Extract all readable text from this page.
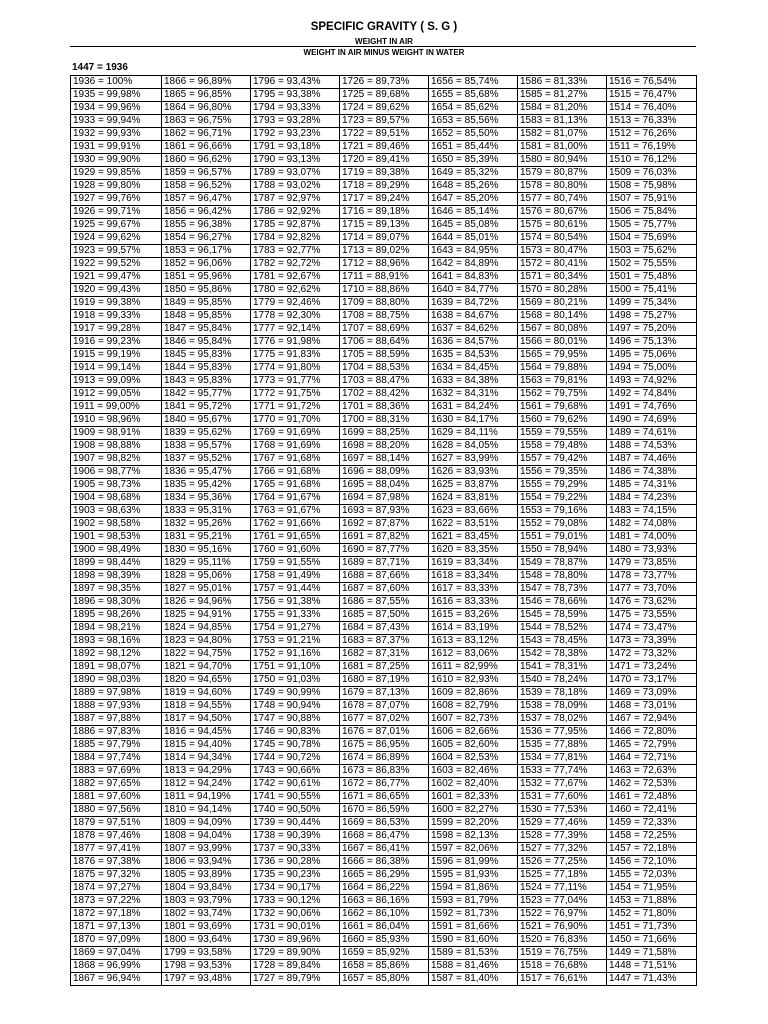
SPECIFIC GRAVITY ( S. G )
WEIGHT IN AIR
WEIGHT IN AIR MINUS WEIGHT IN WATER
1447 = 1936
1936 = 100%	1866 = 96,89%	1796 = 93,43%	1726 = 89,73%	1656 = 85,74%	1586 = 81,33%	1516 = 76,54%
1935 = 99,98%	1865 = 96,85%	1795 = 93,38%	1725 = 89,68%	1655 = 85,68%	1585 = 81,27%	1515 = 76,47%
1934 = 99,96%	1864 = 96,80%	1794 = 93,33%	1724 = 89,62%	1654 = 85,62%	1584 = 81,20%	1514 = 76,40%
1933 = 99,94%	1863 = 96,75%	1793 = 93,28%	1723 = 89,57%	1653 = 85,56%	1583 = 81,13%	1513 = 76,33%
1932 = 99,93%	1862 = 96,71%	1792 = 93,23%	1722 = 89,51%	1652 = 85,50%	1582 = 81,07%	1512 = 76,26%
1931 = 99,91%	1861 = 96,66%	1791 = 93,18%	1721 = 89,46%	1651 = 85,44%	1581 = 81,00%	1511 = 76,19%
1930 = 99,90%	1860 = 96,62%	1790 = 93,13%	1720 = 89,41%	1650 = 85,39%	1580 = 80,94%	1510 = 76,12%
1929 = 99,85%	1859 = 96,57%	1789 = 93,07%	1719 = 89,38%	1649 = 85,32%	1579 = 80,87%	1509 = 76,03%
1928 = 99,80%	1858 = 96,52%	1788 = 93,02%	1718 = 89,29%	1648 = 85,26%	1578 = 80,80%	1508 = 75,98%
1927 = 99,76%	1857 = 96,47%	1787 = 92,97%	1717 = 89,24%	1647 = 85,20%	1577 = 80,74%	1507 = 75,91%
1926 = 99,71%	1856 = 96,42%	1786 = 92,92%	1716 = 89,18%	1646 = 85,14%	1576 = 80,67%	1506 = 75,84%
1925 = 99,67%	1855 = 96,38%	1785 = 92,87%	1715 = 89,13%	1645 = 85,08%	1575 = 80,61%	1505 = 75,77%
1924 = 99,62%	1854 = 96,27%	1784 = 92,82%	1714 = 89,07%	1644 = 85,01%	1574 = 80,54%	1504 = 75,69%
1923 = 99,57%	1853 = 96,17%	1783 = 92,77%	1713 = 89,02%	1643 = 84,95%	1573 = 80,47%	1503 = 75,62%
1922 = 99,52%	1852 = 96,06%	1782 = 92,72%	1712 = 88,96%	1642 = 84,89%	1572 = 80,41%	1502 = 75,55%
1921 = 99,47%	1851 = 95,96%	1781 = 92,67%	1711 = 88,91%	1641 = 84,83%	1571 = 80,34%	1501 = 75,48%
1920 = 99,43%	1850 = 95,86%	1780 = 92,62%	1710 = 88,86%	1640 = 84,77%	1570 = 80,28%	1500 = 75,41%
1919 = 99,38%	1849 = 95,85%	1779 = 92,46%	1709 = 88,80%	1639 = 84,72%	1569 = 80,21%	1499 = 75,34%
1918 = 99,33%	1848 = 95,85%	1778 = 92,30%	1708 = 88,75%	1638 = 84,67%	1568 = 80,14%	1498 = 75,27%
1917 = 99,28%	1847 = 95,84%	1777 = 92,14%	1707 = 88,69%	1637 = 84,62%	1567 = 80,08%	1497 = 75,20%
1916 = 99,23%	1846 = 95,84%	1776 = 91,98%	1706 = 88,64%	1636 = 84,57%	1566 = 80,01%	1496 = 75,13%
1915 = 99,19%	1845 = 95,83%	1775 = 91,83%	1705 = 88,59%	1635 = 84,53%	1565 = 79,95%	1495 = 75,06%
1914 = 99,14%	1844 = 95,83%	1774 = 91,80%	1704 = 88,53%	1634 = 84,45%	1564 = 79,88%	1494 = 75,00%
1913 = 99,09%	1843 = 95,83%	1773 = 91,77%	1703 = 88,47%	1633 = 84,38%	1563 = 79,81%	1493 = 74,92%
1912 = 99,05%	1842 = 95,77%	1772 = 91,75%	1702 = 88,42%	1632 = 84,31%	1562 = 79,75%	1492 = 74,84%
1911 = 99,00%	1841 = 95,72%	1771 = 91,72%	1701 = 88,36%	1631 = 84,24%	1561 = 79,68%	1491 = 74,76%
1910 = 98,96%	1840 = 95,67%	1770 = 91,70%	1700 = 88,31%	1630 = 84,17%	1560 = 79,62%	1490 = 74,69%
1909 = 98,91%	1839 = 95,62%	1769 = 91,69%	1699 = 88,25%	1629 = 84,11%	1559 = 79,55%	1489 = 74,61%
1908 = 98,88%	1838 = 95,57%	1768 = 91,69%	1698 = 88,20%	1628 = 84,05%	1558 = 79,48%	1488 = 74,53%
1907 = 98,82%	1837 = 95,52%	1767 = 91,68%	1697 = 88,14%	1627 = 83,99%	1557 = 79,42%	1487 = 74,46%
1906 = 98,77%	1836 = 95,47%	1766 = 91,68%	1696 = 88,09%	1626 = 83,93%	1556 = 79,35%	1486 = 74,38%
1905 = 98,73%	1835 = 95,42%	1765 = 91,68%	1695 = 88,04%	1625 = 83,87%	1555 = 79,29%	1485 = 74,31%
1904 = 98,68%	1834 = 95,36%	1764 = 91,67%	1694 = 87,98%	1624 = 83,81%	1554 = 79,22%	1484 = 74,23%
1903 = 98,63%	1833 = 95,31%	1763 = 91,67%	1693 = 87,93%	1623 = 83,66%	1553 = 79,16%	1483 = 74,15%
1902 = 98,58%	1832 = 95,26%	1762 = 91,66%	1692 = 87,87%	1622 = 83,51%	1552 = 79,08%	1482 = 74,08%
1901 = 98,53%	1831 = 95,21%	1761 = 91,65%	1691 = 87,82%	1621 = 83,45%	1551 = 79,01%	1481 = 74,00%
1900 = 98,49%	1830 = 95,16%	1760 = 91,60%	1690 = 87,77%	1620 = 83,35%	1550 = 78,94%	1480 = 73,93%
1899 = 98,44%	1829 = 95,11%	1759 = 91,55%	1689 = 87,71%	1619 = 83,34%	1549 = 78,87%	1479 = 73,85%
1898 = 98,39%	1828 = 95,06%	1758 = 91,49%	1688 = 87,66%	1618 = 83,34%	1548 = 78,80%	1478 = 73,77%
1897 = 98,35%	1827 = 95,01%	1757 = 91,44%	1687 = 87,60%	1617 = 83,33%	1547 = 78,73%	1477 = 73,70%
1896 = 98,30%	1826 = 94,96%	1756 = 91,38%	1686 = 87,55%	1616 = 83,33%	1546 = 78,66%	1476 = 73,62%
1895 = 98,26%	1825 = 94,91%	1755 = 91,33%	1685 = 87,50%	1615 = 83,26%	1545 = 78,59%	1475 = 73,55%
1894 = 98,21%	1824 = 94,85%	1754 = 91,27%	1684 = 87,43%	1614 = 83,19%	1544 = 78,52%	1474 = 73,47%
1893 = 98,16%	1823 = 94,80%	1753 = 91,21%	1683 = 87,37%	1613 = 83,12%	1543 = 78,45%	1473 = 73,39%
1892 = 98,12%	1822 = 94,75%	1752 = 91,16%	1682 = 87,31%	1612 = 83,06%	1542 = 78,38%	1472 = 73,32%
1891 = 98,07%	1821 = 94,70%	1751 = 91,10%	1681 = 87,25%	1611 = 82,99%	1541 = 78,31%	1471 = 73,24%
1890 = 98,03%	1820 = 94,65%	1750 = 91,03%	1680 = 87,19%	1610 = 82,93%	1540 = 78,24%	1470 = 73,17%
1889 = 97,98%	1819 = 94,60%	1749 = 90,99%	1679 = 87,13%	1609 = 82,86%	1539 = 78,18%	1469 = 73,09%
1888 = 97,93%	1818 = 94,55%	1748 = 90,94%	1678 = 87,07%	1608 = 82,79%	1538 = 78,09%	1468 = 73,01%
1887 = 97,88%	1817 = 94,50%	1747 = 90,88%	1677 = 87,02%	1607 = 82,73%	1537 = 78,02%	1467 = 72,94%
1886 = 97,83%	1816 = 94,45%	1746 = 90,83%	1676 = 87,01%	1606 = 82,66%	1536 = 77,95%	1466 = 72,80%
1885 = 97,79%	1815 = 94,40%	1745 = 90,78%	1675 = 86,95%	1605 = 82,60%	1535 = 77,88%	1465 = 72,79%
1884 = 97,74%	1814 = 94,34%	1744 = 90,72%	1674 = 86,89%	1604 = 82,53%	1534 = 77,81%	1464 = 72,71%
1883 = 97,69%	1813 = 94,29%	1743 = 90,66%	1673 = 86,83%	1603 = 82,46%	1533 = 77,74%	1463 = 72,63%
1882 = 97,65%	1812 = 94,24%	1742 = 90,61%	1672 = 86,77%	1602 = 82,40%	1532 = 77,67%	1462 = 72,53%
1881 = 97,60%	1811 = 94,19%	1741 = 90,55%	1671 = 86,65%	1601 = 82,33%	1531 = 77,60%	1461 = 72,48%
1880 = 97,56%	1810 = 94,14%	1740 = 90,50%	1670 = 86,59%	1600 = 82,27%	1530 = 77,53%	1460 = 72,41%
1879 = 97,51%	1809 = 94,09%	1739 = 90,44%	1669 = 86,53%	1599 = 82,20%	1529 = 77,46%	1459 = 72,33%
1878 = 97,46%	1808 = 94,04%	1738 = 90,39%	1668 = 86,47%	1598 = 82,13%	1528 = 77,39%	1458 = 72,25%
1877 = 97,41%	1807 = 93,99%	1737 = 90,33%	1667 = 86,41%	1597 = 82,06%	1527 = 77,32%	1457 = 72,18%
1876 = 97,38%	1806 = 93,94%	1736 = 90,28%	1666 = 86,38%	1596 = 81,99%	1526 = 77,25%	1456 = 72,10%
1875 = 97,32%	1805 = 93,89%	1735 = 90,23%	1665 = 86,29%	1595 = 81,93%	1525 = 77,18%	1455 = 72,03%
1874 = 97,27%	1804 = 93,84%	1734 = 90,17%	1664 = 86,22%	1594 = 81,86%	1524 = 77,11%	1454 = 71,95%
1873 = 97,22%	1803 = 93,79%	1733 = 90,12%	1663 = 86,16%	1593 = 81,79%	1523 = 77,04%	1453 = 71,88%
1872 = 97,18%	1802 = 93,74%	1732 = 90,06%	1662 = 86,10%	1592 = 81,73%	1522 = 76,97%	1452 = 71,80%
1871 = 97,13%	1801 = 93,69%	1731 = 90,01%	1661 = 86,04%	1591 = 81,66%	1521 = 76,90%	1451 = 71,73%
1870 = 97,09%	1800 = 93,64%	1730 = 89,96%	1660 = 85,93%	1590 = 81,60%	1520 = 76,83%	1450 = 71,66%
1869 = 97,04%	1799 = 93,58%	1729 = 89,90%	1659 = 85,92%	1589 = 81,53%	1519 = 76,75%	1449 = 71,58%
1868 = 96,99%	1798 = 93,53%	1728 = 89,84%	1658 = 85,86%	1588 = 81,46%	1518 = 76,68%	1448 = 71,51%
1867 = 96,94%	1797 = 93,48%	1727 = 89,79%	1657 = 85,80%	1587 = 81,40%	1517 = 76,61%	1447 = 71,43%
